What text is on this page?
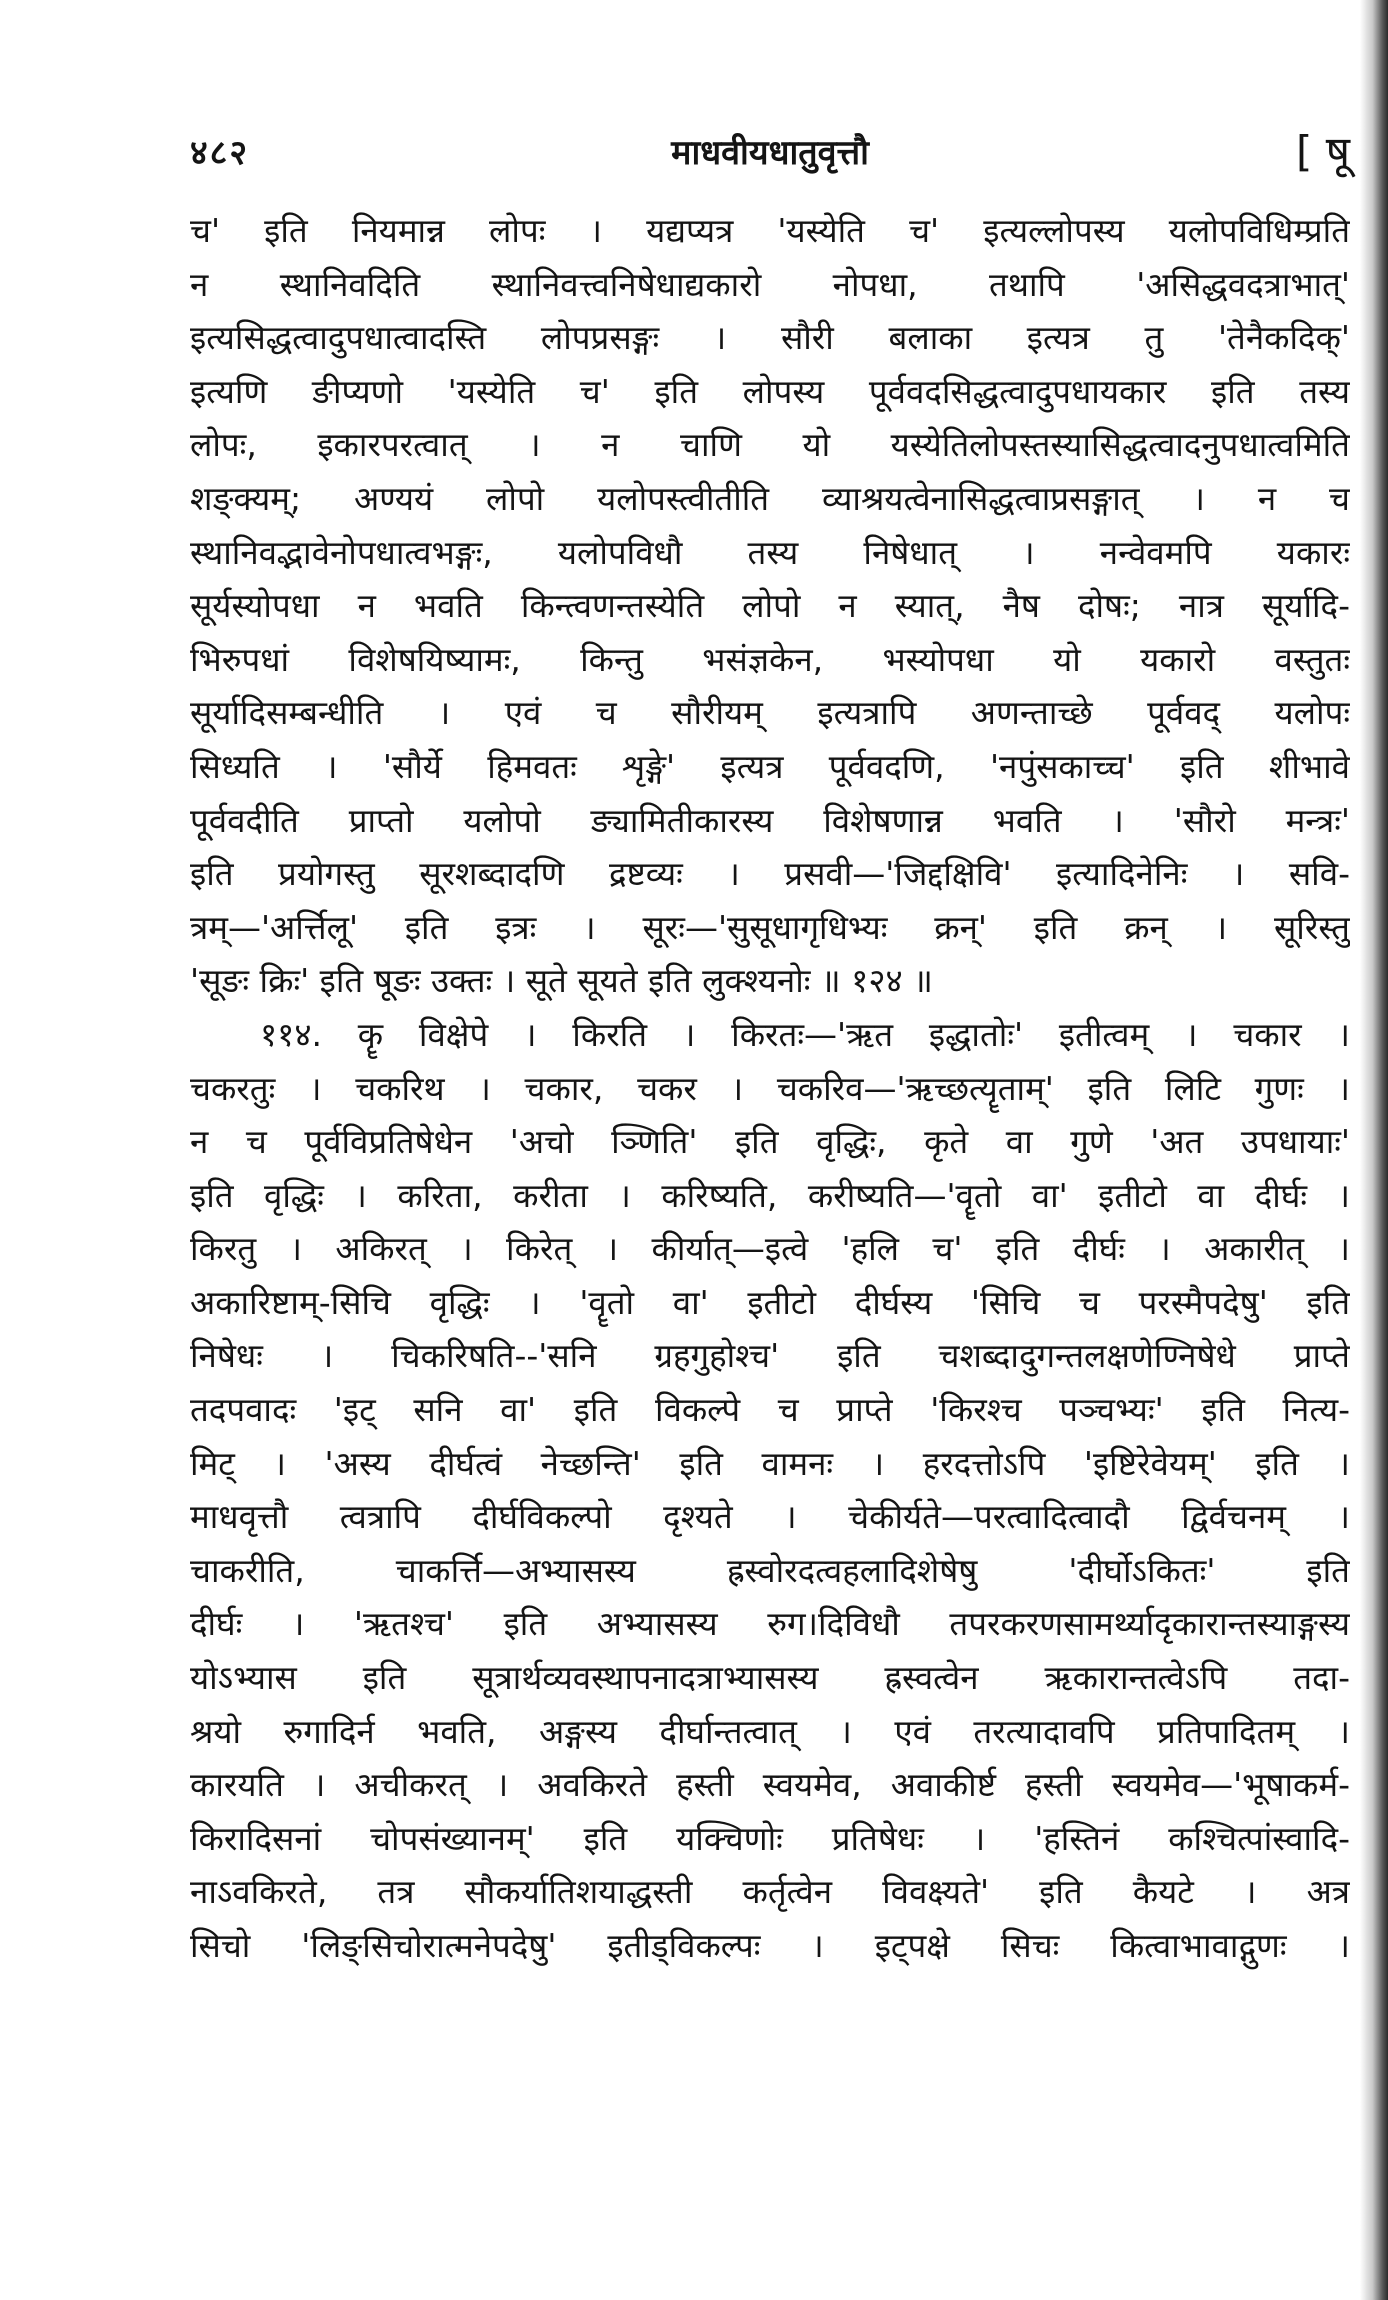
४८२	माधवीयधातुवृत्तौ	[ षू
च' इति नियमान्न लोपः । यद्यप्यत्र 'यस्येति च' इत्यल्लोपस्य यलोपविधिम्प्रति
न स्थानिवदिति स्थानिवत्त्वनिषेधाद्यकारो नोपधा, तथापि 'असिद्धवदत्राभात्'
इत्यसिद्धत्वादुपधात्वादस्ति लोपप्रसङ्गः । सौरी बलाका इत्यत्र तु 'तेनैकदिक्'
इत्यणि ङीप्यणो 'यस्येति च' इति लोपस्य पूर्ववदसिद्धत्वादुपधायकार इति तस्य
लोपः, इकारपरत्वात् । न चाणि यो यस्येतिलोपस्तस्यासिद्धत्वादनुपधात्वमिति
शङ्क्यम्; अण्ययं लोपो यलोपस्त्वीतीति व्याश्रयत्वेनासिद्धत्वाप्रसङ्गात् । न च
स्थानिवद्भावेनोपधात्वभङ्गः, यलोपविधौ तस्य निषेधात् । नन्वेवमपि यकारः
सूर्यस्योपधा न भवति किन्त्वणन्तस्येति लोपो न स्यात्, नैष दोषः; नात्र सूर्यादि-
भिरुपधां विशेषयिष्यामः, किन्तु भसंज्ञकेन, भस्योपधा यो यकारो वस्तुतः
सूर्यादिसम्बन्धीति । एवं च सौरीयम् इत्यत्रापि अणन्ताच्छे पूर्ववद् यलोपः
सिध्यति । 'सौर्ये हिमवतः शृङ्गे' इत्यत्र पूर्ववदणि, 'नपुंसकाच्च' इति शीभावे
पूर्ववदीति प्राप्तो यलोपो ङ्यामितीकारस्य विशेषणान्न भवति । 'सौरो मन्त्रः'
इति प्रयोगस्तु सूरशब्दादणि द्रष्टव्यः । प्रसवी—'जिद्दक्षिवि' इत्यादिनेनिः । सवि-
त्रम्—'अर्त्तिलू' इति इत्रः । सूरः—'सुसूधागृधिभ्यः क्रन्' इति क्रन् । सूरिस्तु
'सूङः क्रिः' इति षूङः उक्तः । सूते सूयते इति लुक्श्यनोः ॥ १२४ ॥
११४. कॄ विक्षेपे । किरति । किरतः—'ऋत इद्धातोः' इतीत्वम् । चकार ।
चकरतुः । चकरिथ । चकार, चकर । चकरिव—'ऋच्छत्यॄताम्' इति लिटि गुणः ।
न च पूर्वविप्रतिषेधेन 'अचो ञ्णिति' इति वृद्धिः, कृते वा गुणे 'अत उपधायाः'
इति वृद्धिः । करिता, करीता । करिष्यति, करीष्यति—'वॄतो वा' इतीटो वा दीर्घः ।
किरतु । अकिरत् । किरेत् । कीर्यात्—इत्वे 'हलि च' इति दीर्घः । अकारीत् ।
अकारिष्टाम्-सिचि वृद्धिः । 'वॄतो वा' इतीटो दीर्घस्य 'सिचि च परस्मैपदेषु' इति
निषेधः । चिकरिषति--'सनि ग्रहगुहोश्च' इति चशब्दादुगन्तलक्षणेण्निषेधे प्राप्ते
तदपवादः 'इट् सनि वा' इति विकल्पे च प्राप्ते 'किरश्च पञ्चभ्यः' इति नित्य-
मिट् । 'अस्य दीर्घत्वं नेच्छन्ति' इति वामनः । हरदत्तोऽपि 'इष्टिरेवेयम्' इति ।
माधवृत्तौ त्वत्रापि दीर्घविकल्पो दृश्यते । चेकीर्यते—परत्वादित्वादौ द्विर्वचनम् ।
चाकरीति, चाकर्त्ति—अभ्यासस्य ह्रस्वोरदत्वहलादिशेषेषु 'दीर्घोऽकितः' इति
दीर्घः । 'ऋतश्च' इति अभ्यासस्य रुग।दिविधौ तपरकरणसामर्थ्यादृकारान्तस्याङ्गस्य
योऽभ्यास इति सूत्रार्थव्यवस्थापनादत्राभ्यासस्य ह्रस्वत्वेन ऋकारान्तत्वेऽपि तदा-
श्रयो रुगादिर्न भवति, अङ्गस्य दीर्घान्तत्वात् । एवं तरत्यादावपि प्रतिपादितम् ।
कारयति । अचीकरत् । अवकिरते हस्ती स्वयमेव, अवाकीर्ष्ट हस्ती स्वयमेव—'भूषाकर्म-
किरादिसनां चोपसंख्यानम्' इति यक्चिणोः प्रतिषेधः । 'हस्तिनं कश्चित्पांस्वादि-
नाऽवकिरते, तत्र सौकर्यातिशयाद्धस्ती कर्तृत्वेन विवक्ष्यते' इति कैयटे । अत्र
सिचो 'लिङ्सिचोरात्मनेपदेषु' इतीड्विकल्पः । इट्पक्षे सिचः कित्वाभावाद्गुणः ।
